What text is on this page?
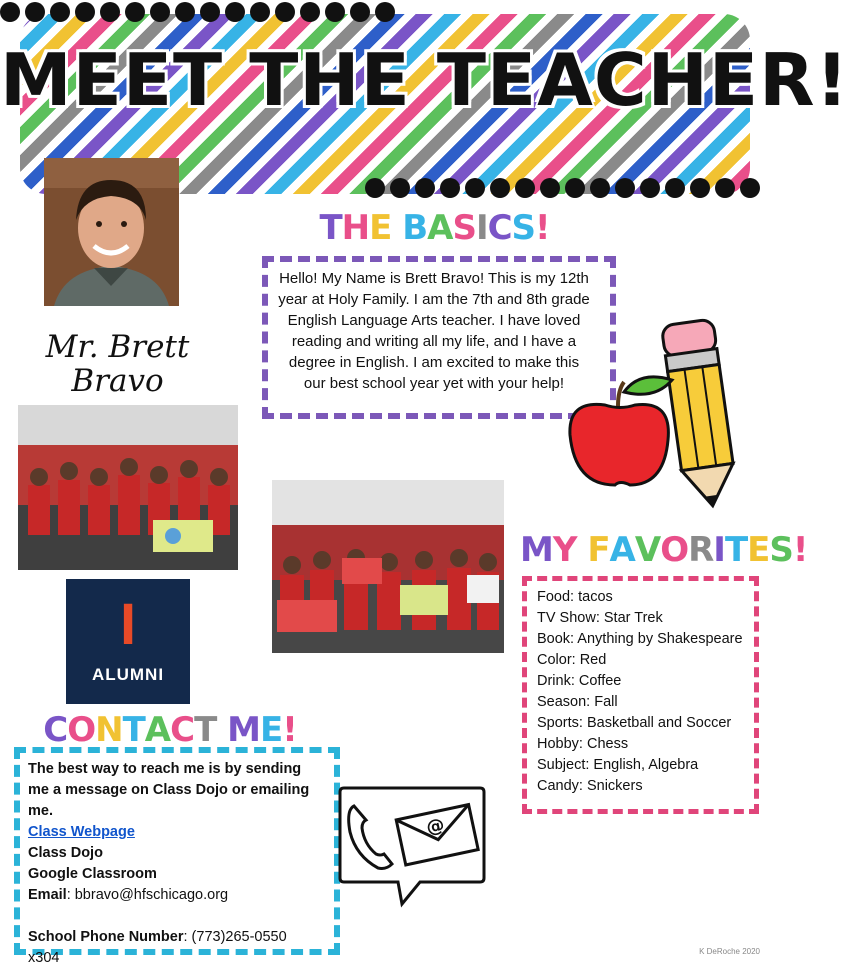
MEET THE TEACHER!
Mr. Brett
Bravo
I
ALUMNI
THE BASICS!
Hello! My Name is Brett Bravo! This is my 12th year at Holy Family. I am the 7th and 8th grade English Language Arts teacher. I have loved reading and writing all my life, and I have a degree in English. I am excited to make this our best school year yet with your help!
MY FAVORITES!
Food: tacos
TV Show: Star Trek
Book: Anything by Shakespeare
Color: Red
Drink: Coffee
Season: Fall
Sports: Basketball and Soccer
Hobby: Chess
Subject: English, Algebra
Candy: Snickers
CONTACT ME!
The best way to reach me is by sending me a message on Class Dojo or emailing me.
Class Webpage
Class Dojo
Google Classroom
Email: bbravo@hfschicago.org
School Phone Number: (773)265-0550 x304
@
K DeRoche 2020
